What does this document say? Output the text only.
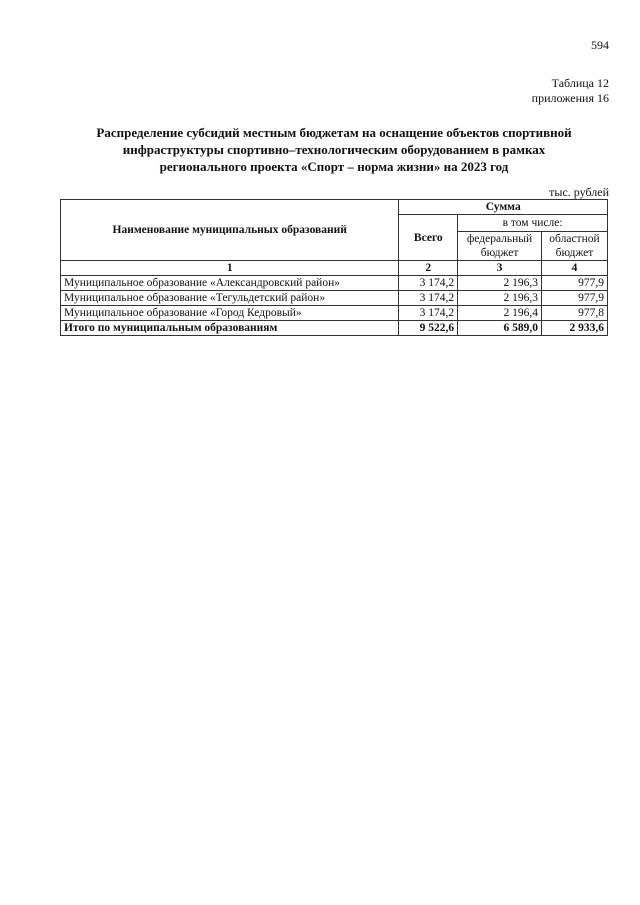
594
Таблица 12
приложения 16
Распределение субсидий местным бюджетам на оснащение объектов спортивной
инфраструктуры спортивно–технологическим оборудованием в рамках
регионального проекта «Спорт – норма жизни» на 2023 год
тыс. рублей
Наименование муниципальных образований	Сумма		
	Всего	в том числе:	
		федеральный бюджет	областной бюджет
1	2	3	4
Муниципальное образование «Александровский район»	3 174,2	2 196,3	977,9
Муниципальное образование «Тегульдетский район»	3 174,2	2 196,3	977,9
Муниципальное образование «Город Кедровый»	3 174,2	2 196,4	977,8
Итого по муниципальным образованиям	9 522,6	6 589,0	2 933,6
